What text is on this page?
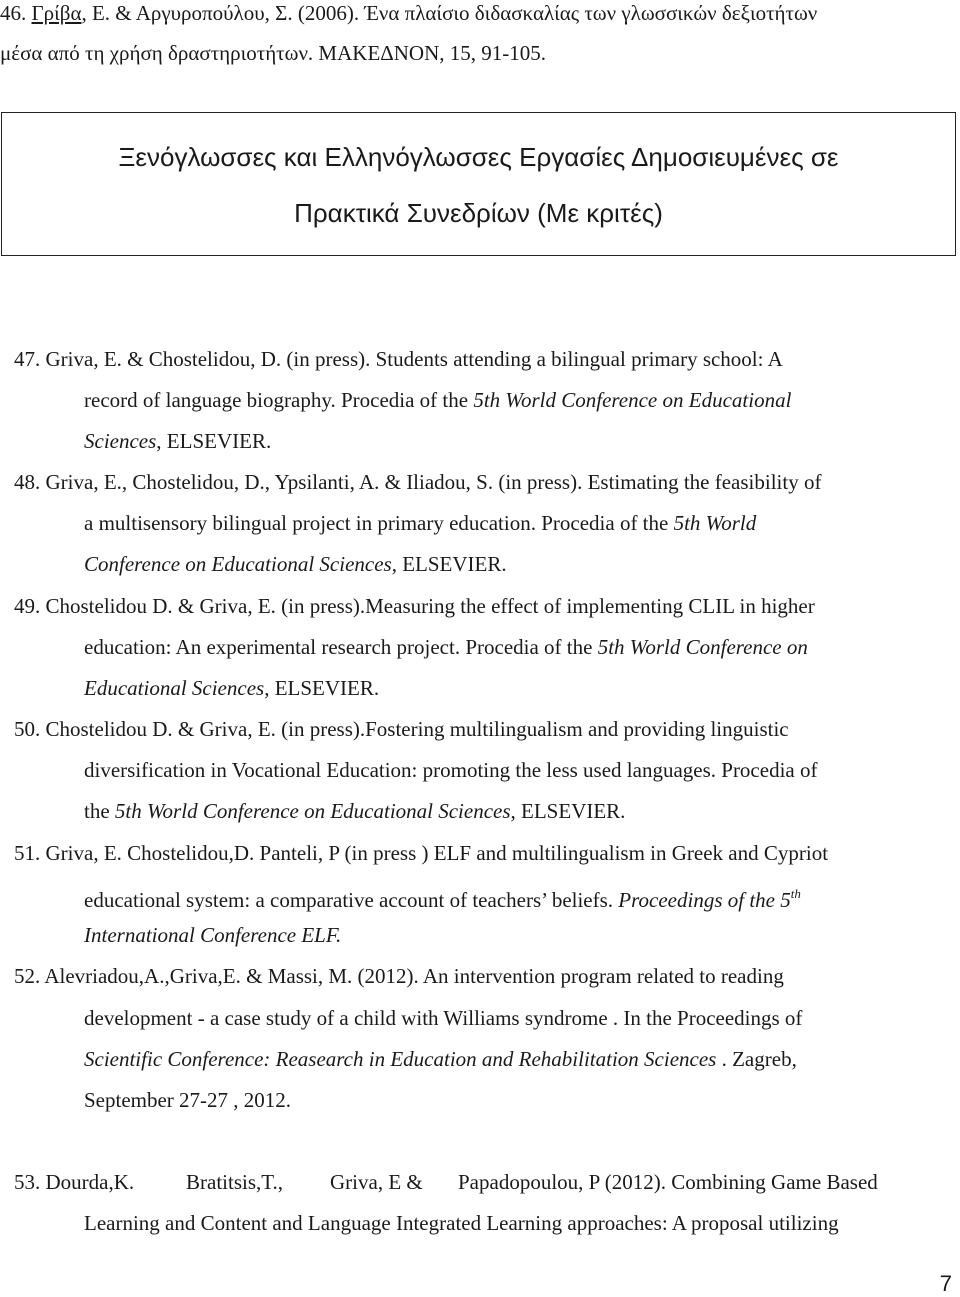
46. Γρίβα, Ε. & Αργυροπούλου, Σ. (2006). Ένα πλαίσιο διδασκαλίας των γλωσσικών δεξιοτήτων
μέσα από τη χρήση δραστηριοτήτων. ΜΑΚΕΔΝΟΝ, 15, 91-105.
Ξενόγλωσσες και Ελληνόγλωσσες Εργασίες Δημοσιευμένες σε
Πρακτικά Συνεδρίων (Με κριτές)
47. Griva, E. & Chostelidou, D. (in press). Students attending a bilingual primary school: A
record of language biography. Procedia of the 5th World Conference on Educational
Sciences, ELSEVIER.
48. Griva, E., Chostelidou, D., Ypsilanti, A. & Iliadou, S. (in press). Estimating the feasibility of
a multisensory bilingual project in primary education. Procedia of the 5th World
Conference on Educational Sciences, ELSEVIER.
49. Chostelidou D. & Griva, E. (in press).Measuring the effect of implementing CLIL in higher
education: An experimental research project. Procedia of the 5th World Conference on
Educational Sciences, ELSEVIER.
50. Chostelidou D. & Griva, E. (in press).Fostering multilingualism and providing linguistic
diversification in Vocational Education: promoting the less used languages. Procedia of
the 5th World Conference on Educational Sciences, ELSEVIER.
51. Griva, E. Chostelidou,D. Panteli, P (in press ) ELF and multilingualism in Greek and Cypriot
educational system: a comparative account of teachers’ beliefs. Proceedings of the 5th
International Conference ELF.
52. Alevriadou,A.,Griva,E. & Massi, M. (2012). An intervention program related to reading
development - a case study of a child with Williams syndrome . In the Proceedings of
Scientific Conference: Reasearch in Education and Rehabilitation Sciences . Zagreb,
September 27-27 , 2012.
53. Dourda,K. Bratitsis,T., Griva, E & Papadopoulou, P (2012). Combining Game Based
Learning and Content and Language Integrated Learning approaches: A proposal utilizing
7
